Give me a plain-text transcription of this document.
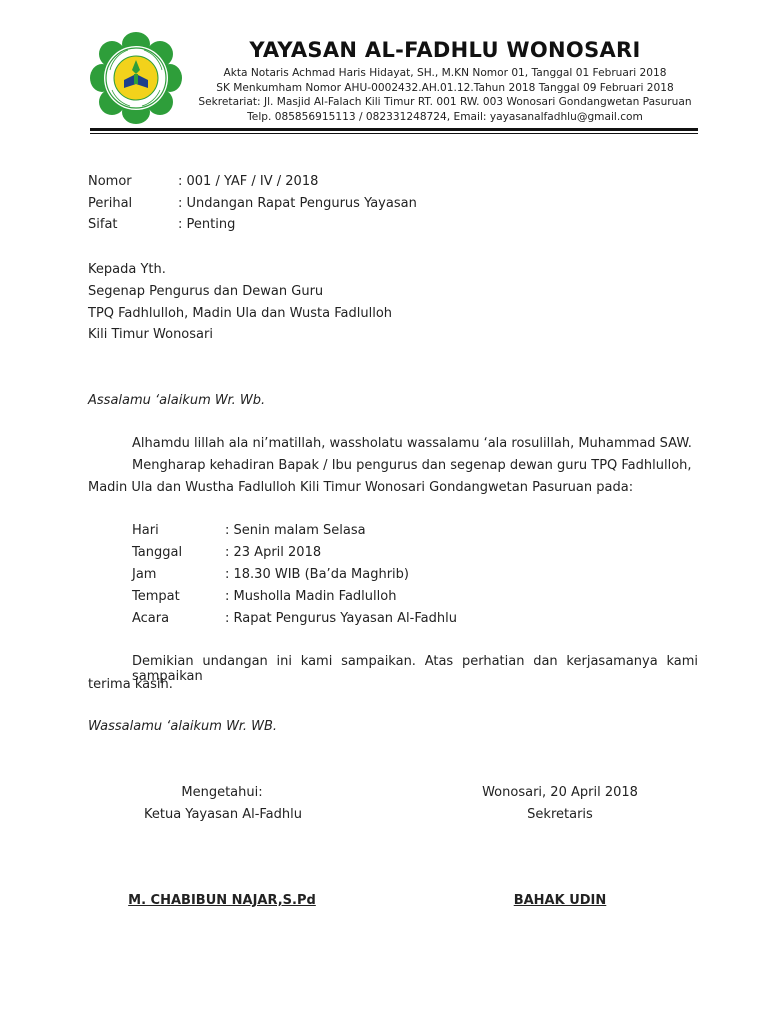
YAYASAN AL-FADHLU WONOSARI
Akta Notaris Achmad Haris Hidayat, SH., M.KN Nomor 01, Tanggal 01 Februari 2018
SK Menkumham Nomor AHU-0002432.AH.01.12.Tahun 2018 Tanggal 09 Februari 2018
Sekretariat: Jl. Masjid Al-Falach Kili Timur RT. 001 RW. 003 Wonosari Gondangwetan Pasuruan
Telp. 085856915113 / 082331248724, Email: yayasanalfadhlu@gmail.com
Nomor	: 001 / YAF / IV / 2018
Perihal	: Undangan Rapat Pengurus Yayasan
Sifat	: Penting
Kepada Yth.
Segenap Pengurus dan Dewan Guru
TPQ Fadhlulloh, Madin Ula dan Wusta Fadlulloh
Kili Timur Wonosari
Assalamu ‘alaikum Wr. Wb.
Alhamdu lillah ala ni’matillah, wassholatu wassalamu ‘ala rosulillah, Muhammad SAW.
Mengharap kehadiran Bapak / Ibu pengurus dan segenap dewan guru TPQ Fadhlulloh,
Madin Ula dan Wustha Fadlulloh Kili Timur Wonosari Gondangwetan Pasuruan pada:
Hari	: Senin malam Selasa
Tanggal	: 23 April 2018
Jam	: 18.30 WIB (Ba’da Maghrib)
Tempat	: Musholla Madin Fadlulloh
Acara	: Rapat Pengurus Yayasan Al-Fadhlu
Demikian undangan ini kami sampaikan. Atas perhatian dan kerjasamanya kami sampaikan
terima kasih.
Wassalamu ‘alaikum Wr. WB.
Mengetahui:
Ketua Yayasan Al-Fadhlu
M. CHABIBUN NAJAR,S.Pd
Wonosari, 20 April 2018
Sekretaris
BAHAK UDIN
